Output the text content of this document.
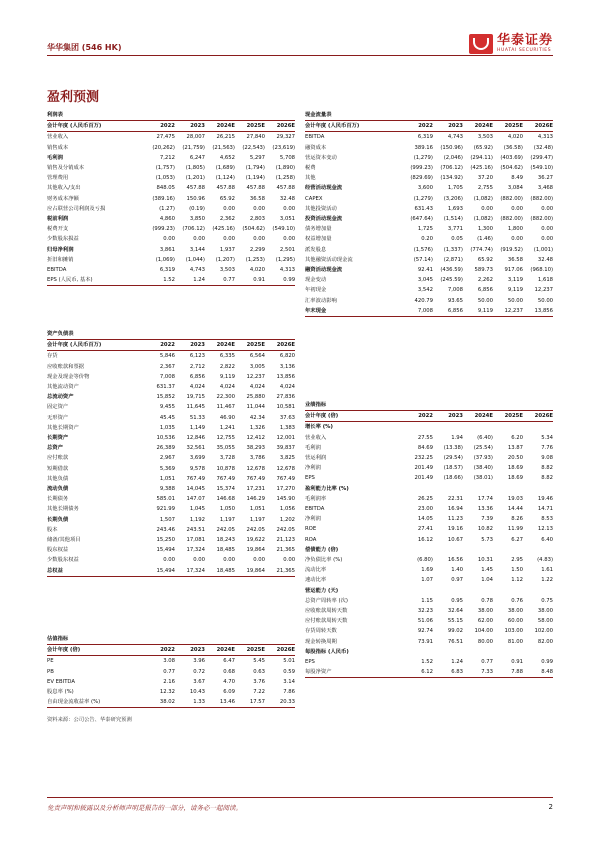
华华集团 (546 HK)	华泰证券
HUATAI SECURITIES
盈利预测
利润表					
会计年度 (人民币百万)	2022	2023	2024E	2025E	2026E
营业收入	27,475	28,007	26,215	27,840	29,327
销售成本	(20,262)	(21,759)	(21,563)	(22,543)	(23,619)
毛利润	7,212	6,247	4,652	5,297	5,708
销售及分销成本	(1,757)	(1,805)	(1,689)	(1,794)	(1,890)
管理费用	(1,053)	(1,201)	(1,124)	(1,194)	(1,258)
其他收入/支出	848.05	457.88	457.88	457.88	457.88
财务成本净额	(389.16)	150.96	65.92	36.58	32.48
应占联营公司利润及亏损	(1.27)	(0.19)	0.00	0.00	0.00
税前利润	4,860	3,850	2,362	2,803	3,051
税费开支	(999.23)	(706.12)	(425.16)	(504.62)	(549.10)
少数股东损益	0.00	0.00	0.00	0.00	0.00
归母净利润	3,861	3,144	1,937	2,299	2,501
折旧和摊销	(1,069)	(1,044)	(1,207)	(1,253)	(1,295)
EBITDA	6,319	4,743	3,503	4,020	4,313
EPS (人民币, 基本)	1.52	1.24	0.77	0.91	0.99
现金流量表					
会计年度 (人民币百万)	2022	2023	2024E	2025E	2026E
EBITDA	6,319	4,743	3,503	4,020	4,313
融资成本	389.16	(150.96)	(65.92)	(36.58)	(32.48)
营运资本变动	(1,279)	(2,046)	(294.11)	(403.69)	(299.47)
税费	(999.23)	(706.12)	(425.16)	(504.62)	(549.10)
其他	(829.69)	(134.92)	37.20	8.49	36.27
经营活动现金流	3,600	1,705	2,755	3,084	3,468
CAPEX	(1,279)	(3,206)	(1,082)	(882.00)	(882.00)
其他投资活动	631.43	1,693	0.00	0.00	0.00
投资活动现金流	(647.64)	(1,514)	(1,082)	(882.00)	(882.00)
债务增加量	1,725	3,771	1,300	1,800	0.00
权益增加量	0.20	0.05	(1.46)	0.00	0.00
派发股息	(1,576)	(1,337)	(774.74)	(919.52)	(1,001)
其他融资活动现金流	(57.14)	(2,871)	65.92	36.58	32.48
融资活动现金流	92.41	(436.59)	589.73	917.06	(968.10)
现金变动	3,045	(245.59)	2,262	3,119	1,618
年初现金	3,542	7,008	6,856	9,119	12,237
汇率波动影响	420.79	93.65	50.00	50.00	50.00
年末现金	7,008	6,856	9,119	12,237	13,856
资产负债表					
会计年度 (人民币百万)	2022	2023	2024E	2025E	2026E
存货	5,846	6,123	6,335	6,564	6,820
应收账款和票据	2,367	2,712	2,822	3,005	3,136
现金及现金等价物	7,008	6,856	9,119	12,237	13,856
其他流动资产	631.37	4,024	4,024	4,024	4,024
总流动资产	15,852	19,715	22,300	25,880	27,836
固定资产	9,455	11,645	11,467	11,044	10,581
无形资产	45.45	51.33	46.90	42.34	37.63
其他长期资产	1,035	1,149	1,241	1,326	1,383
长期资产	10,536	12,846	12,755	12,412	12,001
总资产	26,389	32,561	35,055	38,293	39,837
应付账款	2,967	3,699	3,728	3,786	3,825
短期借款	5,369	9,578	10,878	12,678	12,678
其他负债	1,051	767.49	767.49	767.49	767.49
流动负债	9,388	14,045	15,374	17,231	17,270
长期债务	585.01	147.07	146.68	146.29	145.90
其他长期债务	921.99	1,045	1,050	1,051	1,056
长期负债	1,507	1,192	1,197	1,197	1,202
股本	243.46	243.51	242.05	242.05	242.05
储备/其他项目	15,250	17,081	18,243	19,622	21,123
股东权益	15,494	17,324	18,485	19,864	21,365
少数股东权益	0.00	0.00	0.00	0.00	0.00
总权益	15,494	17,324	18,485	19,864	21,365
业绩指标					
会计年度 (倍)	2022	2023	2024E	2025E	2026E
增长率 (%)					
营业收入	27.55	1.94	(6.40)	6.20	5.34
毛利润	84.69	(13.38)	(25.54)	13.87	7.76
营运利润	232.25	(29.54)	(37.93)	20.50	9.08
净利润	201.49	(18.57)	(38.40)	18.69	8.82
EPS	201.49	(18.66)	(38.01)	18.69	8.82
盈利能力比率 (%)					
毛利润率	26.25	22.31	17.74	19.03	19.46
EBITDA	23.00	16.94	13.36	14.44	14.71
净利润	14.05	11.23	7.39	8.26	8.53
ROE	27.41	19.16	10.82	11.99	12.13
ROA	16.12	10.67	5.73	6.27	6.40
偿债能力 (倍)					
净负债比率 (%)	(6.80)	16.56	10.31	2.95	(4.83)
流动比率	1.69	1.40	1.45	1.50	1.61
速动比率	1.07	0.97	1.04	1.12	1.22
营运能力 (天)					
总资产周转率 (次)	1.15	0.95	0.78	0.76	0.75
应收账款周转天数	32.23	32.64	38.00	38.00	38.00
应付账款周转天数	51.06	55.15	62.00	60.00	58.00
存货周转天数	92.74	99.02	104.00	103.00	102.00
现金转换周期	73.91	76.51	80.00	81.00	82.00
每股指标 (人民币)					
EPS	1.52	1.24	0.77	0.91	0.99
每股净资产	6.12	6.83	7.33	7.88	8.48
估值指标					
会计年度 (倍)	2022	2023	2024E	2025E	2026E
PE	3.08	3.96	6.47	5.45	5.01
PB	0.77	0.72	0.68	0.63	0.59
EV EBITDA	2.16	3.67	4.70	3.76	3.14
股息率 (%)	12.32	10.43	6.09	7.22	7.86
自由现金流收益率 (%)	38.02	1.33	13.46	17.57	20.33
资料来源：公司公告、华泰研究预测
免责声明和披露以及分析师声明是报告的一部分，请务必一起阅读。	2
